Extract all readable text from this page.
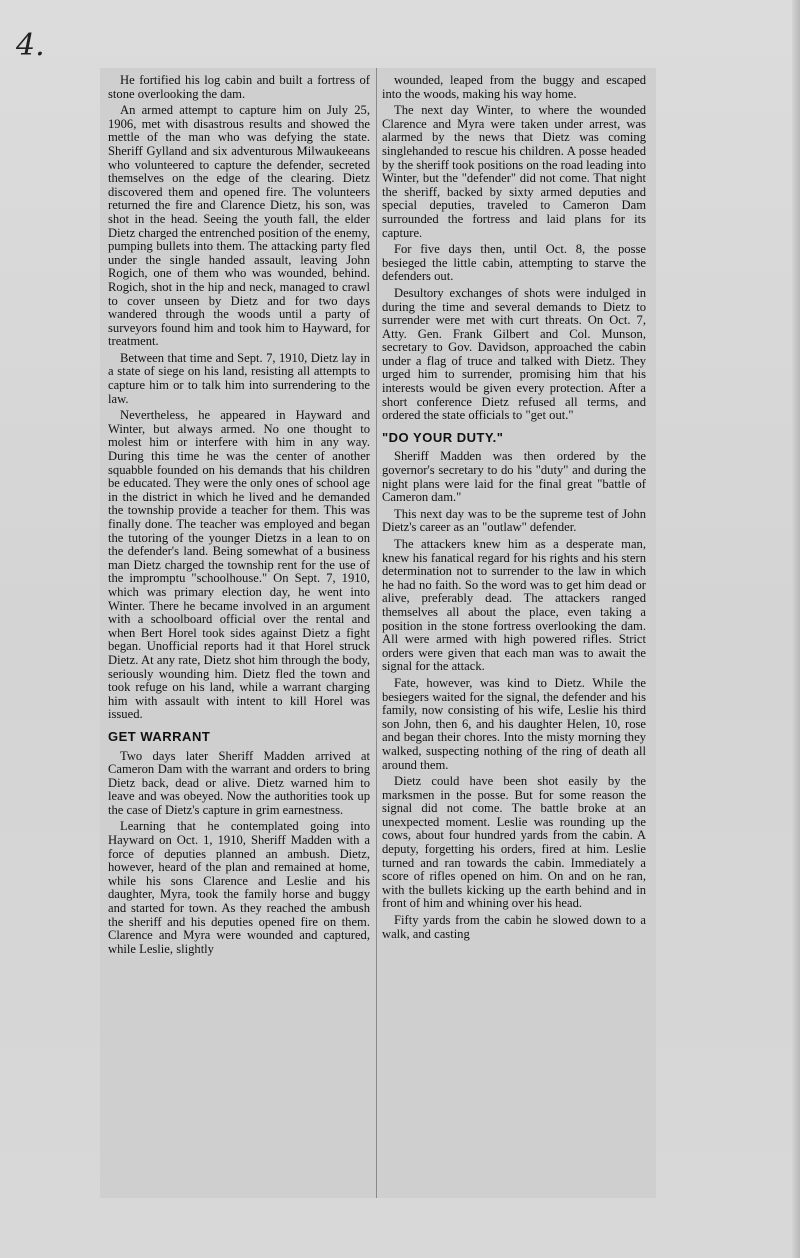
4.

He fortified his log cabin and built a fortress of stone overlooking the dam.

An armed attempt to capture him on July 25, 1906, met with disastrous results and showed the mettle of the man who was defying the state. Sheriff Gylland and six adventurous Milwaukeeans who volunteered to capture the defender, secreted themselves on the edge of the clearing. Dietz discovered them and opened fire. The volunteers returned the fire and Clarence Dietz, his son, was shot in the head. Seeing the youth fall, the elder Dietz charged the entrenched position of the enemy, pumping bullets into them. The attacking party fled under the single handed assault, leaving John Rogich, one of them who was wounded, behind. Rogich, shot in the hip and neck, managed to crawl to cover unseen by Dietz and for two days wandered through the woods until a party of surveyors found him and took him to Hayward, for treatment.

Between that time and Sept. 7, 1910, Dietz lay in a state of siege on his land, resisting all attempts to capture him or to talk him into surrendering to the law.

Nevertheless, he appeared in Hayward and Winter, but always armed. No one thought to molest him or interfere with him in any way. During this time he was the center of another squabble founded on his demands that his children be educated. They were the only ones of school age in the district in which he lived and he demanded the township provide a teacher for them. This was finally done. The teacher was employed and began the tutoring of the younger Dietzs in a lean to on the defender's land. Being somewhat of a business man Dietz charged the township rent for the use of the impromptu "schoolhouse." On Sept. 7, 1910, which was primary election day, he went into Winter. There he became involved in an argument with a schoolboard official over the rental and when Bert Horel took sides against Dietz a fight began. Unofficial reports had it that Horel struck Dietz. At any rate, Dietz shot him through the body, seriously wounding him. Dietz fled the town and took refuge on his land, while a warrant charging him with assault with intent to kill Horel was issued.

GET WARRANT

Two days later Sheriff Madden arrived at Cameron Dam with the warrant and orders to bring Dietz back, dead or alive. Dietz warned him to leave and was obeyed. Now the authorities took up the case of Dietz's capture in grim earnestness.

Learning that he contemplated going into Hayward on Oct. 1, 1910, Sheriff Madden with a force of deputies planned an ambush. Dietz, however, heard of the plan and remained at home, while his sons Clarence and Leslie and his daughter, Myra, took the family horse and buggy and started for town. As they reached the ambush the sheriff and his deputies opened fire on them. Clarence and Myra were wounded and captured, while Leslie, slightly

wounded, leaped from the buggy and escaped into the woods, making his way home.

The next day Winter, to where the wounded Clarence and Myra were taken under arrest, was alarmed by the news that Dietz was coming singlehanded to rescue his children. A posse headed by the sheriff took positions on the road leading into Winter, but the "defender" did not come. That night the sheriff, backed by sixty armed deputies and special deputies, traveled to Cameron Dam surrounded the fortress and laid plans for its capture.

For five days then, until Oct. 8, the posse besieged the little cabin, attempting to starve the defenders out.

Desultory exchanges of shots were indulged in during the time and several demands to Dietz to surrender were met with curt threats. On Oct. 7, Atty. Gen. Frank Gilbert and Col. Munson, secretary to Gov. Davidson, approached the cabin under a flag of truce and talked with Dietz. They urged him to surrender, promising him that his interests would be given every protection. After a short conference Dietz refused all terms, and ordered the state officials to "get out."

"DO YOUR DUTY."

Sheriff Madden was then ordered by the governor's secretary to do his "duty" and during the night plans were laid for the final great "battle of Cameron dam."

This next day was to be the supreme test of John Dietz's career as an "outlaw" defender.

The attackers knew him as a desperate man, knew his fanatical regard for his rights and his stern determination not to surrender to the law in which he had no faith. So the word was to get him dead or alive, preferably dead. The attackers ranged themselves all about the place, even taking a position in the stone fortress overlooking the dam. All were armed with high powered rifles. Strict orders were given that each man was to await the signal for the attack.

Fate, however, was kind to Dietz. While the besiegers waited for the signal, the defender and his family, now consisting of his wife, Leslie his third son John, then 6, and his daughter Helen, 10, rose and began their chores. Into the misty morning they walked, suspecting nothing of the ring of death all around them.

Dietz could have been shot easily by the marksmen in the posse. But for some reason the signal did not come. The battle broke at an unexpected moment. Leslie was rounding up the cows, about four hundred yards from the cabin. A deputy, forgetting his orders, fired at him. Leslie turned and ran towards the cabin. Immediately a score of rifles opened on him. On and on he ran, with the bullets kicking up the earth behind and in front of him and whining over his head.

Fifty yards from the cabin he slowed down to a walk, and casting
